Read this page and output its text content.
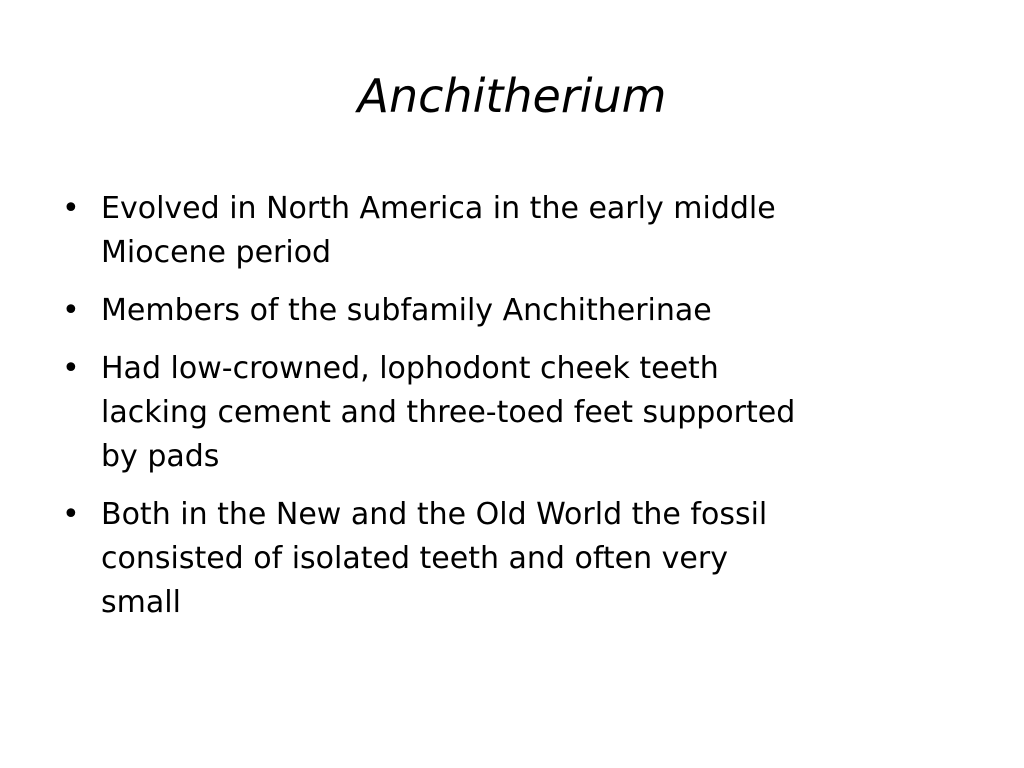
Anchitherium
• Evolved in North America in the early middle
Miocene period
• Members of the subfamily Anchitherinae
• Had low-crowned, lophodont cheek teeth
lacking cement and three-toed feet supported
by pads
• Both in the New and the Old World the fossil
consisted of isolated teeth and often very
small
